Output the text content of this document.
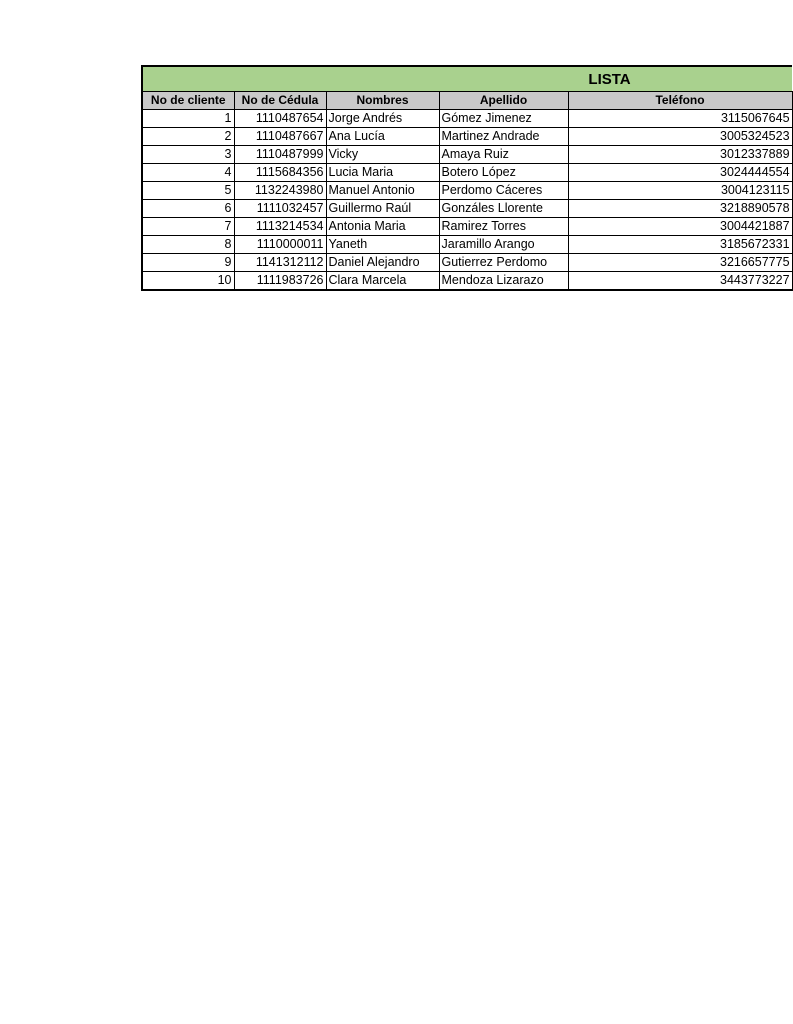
LISTA				
No de cliente	No de Cédula	Nombres	Apellido	Teléfono
1	1110487654	Jorge Andrés	Gómez Jimenez	3115067645
2	1110487667	Ana Lucía	Martinez Andrade	3005324523
3	1110487999	Vicky	Amaya Ruiz	3012337889
4	1115684356	Lucia Maria	Botero López	3024444554
5	1132243980	Manuel Antonio	Perdomo Cáceres	3004123115
6	1111032457	Guillermo Raúl	Gonzáles Llorente	3218890578
7	1113214534	Antonia Maria	Ramirez Torres	3004421887
8	1110000011	Yaneth	Jaramillo Arango	3185672331
9	1141312112	Daniel Alejandro	Gutierrez Perdomo	3216657775
10	1111983726	Clara Marcela	Mendoza Lizarazo	3443773227
